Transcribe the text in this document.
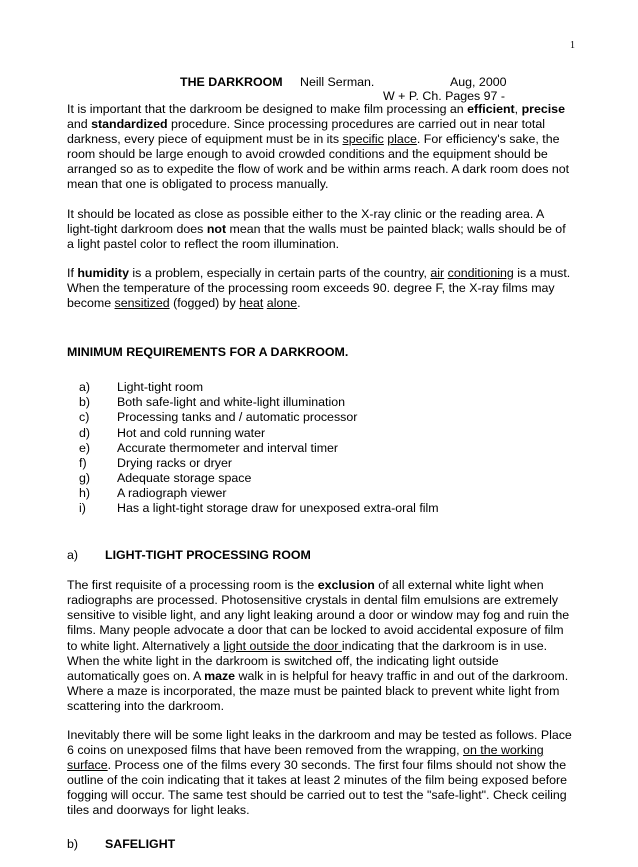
1
THE DARKROOM Neill Serman.	Aug, 2000
W + P. Ch. Pages 97 -

It is important that the darkroom be designed to make film processing an efficient, precise and standardized procedure. Since processing procedures are carried out in near total darkness, every piece of equipment must be in its specific place. For efficiency's sake, the room should be large enough to avoid crowded conditions and the equipment should be arranged so as to expedite the flow of work and be within arms reach. A dark room does not mean that one is obligated to process manually.

It should be located as close as possible either to the X-ray clinic or the reading area. A light-tight darkroom does not mean that the walls must be painted black; walls should be of a light pastel color to reflect the room illumination.

If humidity is a problem, especially in certain parts of the country, air conditioning is a must. When the temperature of the processing room exceeds 90. degree F, the X-ray films may become sensitized (fogged) by heat alone.

MINIMUM REQUIREMENTS FOR A DARKROOM.
a)	Light-tight room
b)	Both safe-light and white-light illumination
c)	Processing tanks and / automatic processor
d)	Hot and cold running water
e)	Accurate thermometer and interval timer
f)	Drying racks or dryer
g)	Adequate storage space
h)	A radiograph viewer
i)	Has a light-tight storage draw for unexposed extra-oral film
a)	LIGHT-TIGHT PROCESSING ROOM

The first requisite of a processing room is the exclusion of all external white light when radiographs are processed. Photosensitive crystals in dental film emulsions are extremely sensitive to visible light, and any light leaking around a door or window may fog and ruin the films. Many people advocate a door that can be locked to avoid accidental exposure of film to white light. Alternatively a light outside the door indicating that the darkroom is in use. When the white light in the darkroom is switched off, the indicating light outside automatically goes on. A maze walk in is helpful for heavy traffic in and out of the darkroom. Where a maze is incorporated, the maze must be painted black to prevent white light from scattering into the darkroom.

Inevitably there will be some light leaks in the darkroom and may be tested as follows. Place 6 coins on unexposed films that have been removed from the wrapping, on the working surface. Process one of the films every 30 seconds. The first four films should not show the outline of the coin indicating that it takes at least 2 minutes of the film being exposed before fogging will occur. The same test should be carried out to test the "safe-light". Check ceiling tiles and doorways for light leaks.

b)	SAFELIGHT
